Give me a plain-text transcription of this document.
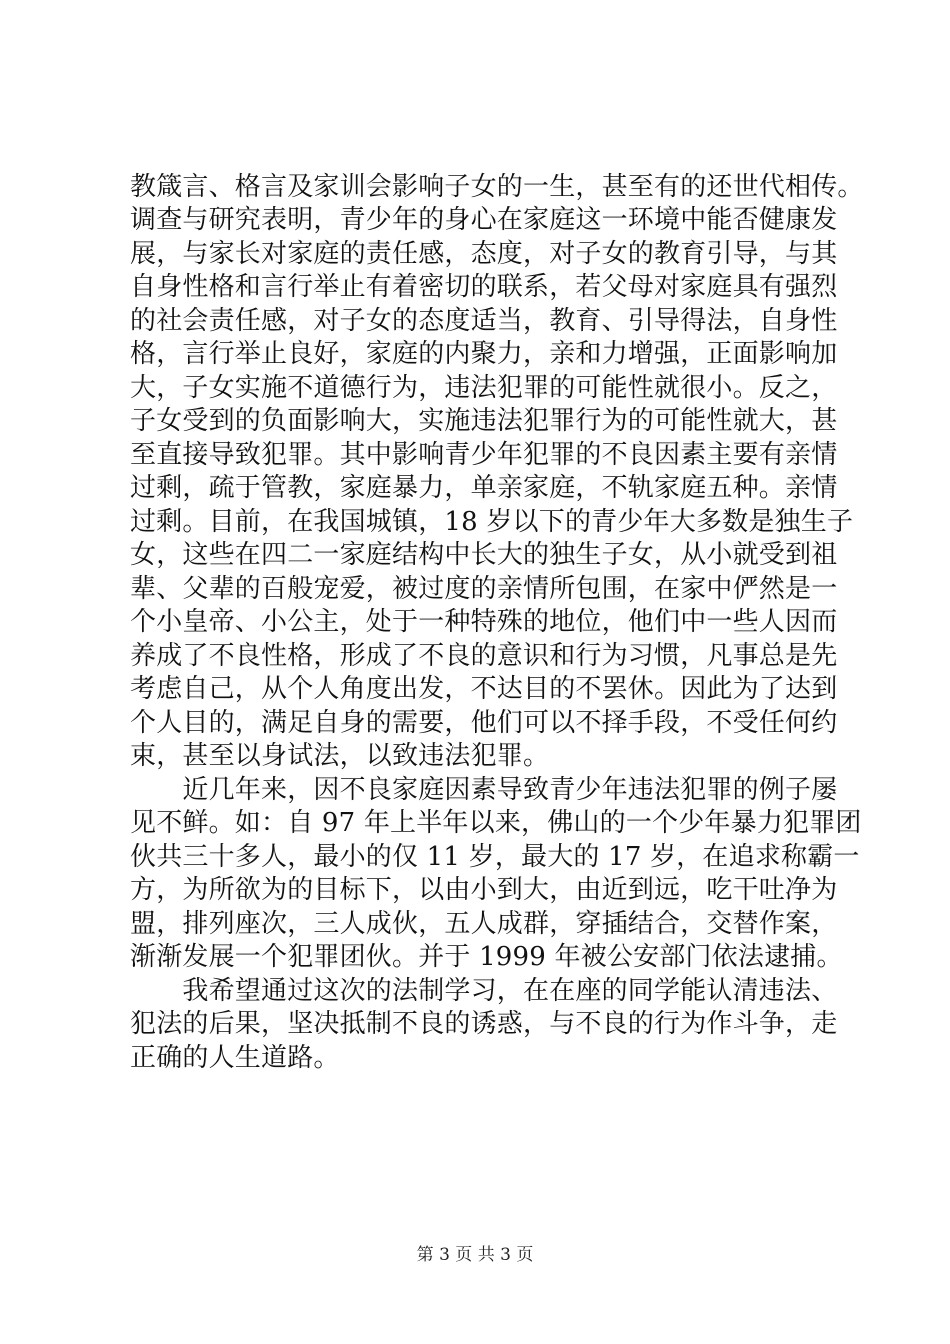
教箴言、格言及家训会影响子女的一生，甚至有的还世代相传。
调查与研究表明，青少年的身心在家庭这一环境中能否健康发
展，与家长对家庭的责任感，态度，对子女的教育引导，与其
自身性格和言行举止有着密切的联系，若父母对家庭具有强烈
的社会责任感，对子女的态度适当，教育、引导得法，自身性
格，言行举止良好，家庭的内聚力，亲和力增强，正面影响加
大，子女实施不道德行为，违法犯罪的可能性就很小。反之，
子女受到的负面影响大，实施违法犯罪行为的可能性就大，甚
至直接导致犯罪。其中影响青少年犯罪的不良因素主要有亲情
过剩，疏于管教，家庭暴力，单亲家庭，不轨家庭五种。亲情
过剩。目前，在我国城镇，18 岁以下的青少年大多数是独生子
女，这些在四二一家庭结构中长大的独生子女，从小就受到祖
辈、父辈的百般宠爱，被过度的亲情所包围，在家中俨然是一
个小皇帝、小公主，处于一种特殊的地位，他们中一些人因而
养成了不良性格，形成了不良的意识和行为习惯，凡事总是先
考虑自己，从个人角度出发，不达目的不罢休。因此为了达到
个人目的，满足自身的需要，他们可以不择手段，不受任何约
束，甚至以身试法，以致违法犯罪。
　　近几年来，因不良家庭因素导致青少年违法犯罪的例子屡
见不鲜。如：自 97 年上半年以来，佛山的一个少年暴力犯罪团
伙共三十多人，最小的仅 11 岁，最大的 17 岁，在追求称霸一
方，为所欲为的目标下，以由小到大，由近到远，吃干吐净为
盟，排列座次，三人成伙，五人成群，穿插结合，交替作案，
渐渐发展一个犯罪团伙。并于 1999 年被公安部门依法逮捕。
　　我希望通过这次的法制学习，在在座的同学能认清违法、
犯法的后果，坚决抵制不良的诱惑，与不良的行为作斗争，走
正确的人生道路。
第 3 页 共 3 页
